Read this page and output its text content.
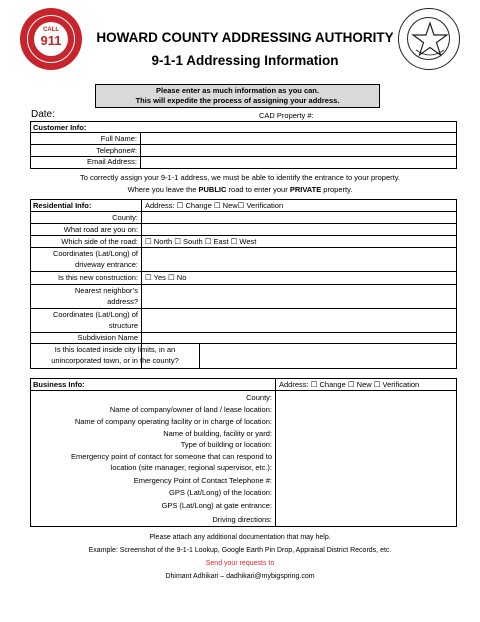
CALL
911	HOWARD COUNTY ADDRESSING AUTHORITY
9-1-1 Addressing Information
Please enter as much information as you can.
This will expedite the process of assigning your address.
Date:	CAD Property #:
Customer Info:
Full Name:
Telephone#:
Email Address:
To correctly assign your 9-1-1 address, we must be able to identify the entrance to your property.
Where you leave the PUBLIC road to enter your PRIVATE property.
Residential Info:	Address: ☐ Change ☐ New☐ Verification
County:
What road are you on:
Which side of the road: ☐ North ☐ South ☐ East ☐ West
Coordinates (Lat/Long) of
driveway entrance:
Is this new construction: ☐ Yes ☐ No
Nearest neighbor’s
address?
Coordinates (Lat/Long) of
structure
Subdivision Name
Is this located inside city limits, in an
unincorporated town, or in the county?
Business Info:	Address: ☐ Change ☐ New ☐ Verification
County:
Name of company/owner of land / lease location:
Name of company operating facility or in charge of location:
Name of building, facility or yard:
Type of building or location:
Emergency point of contact for someone that can respond to
location (site manager, regional supervisor, etc.):
Emergency Point of Contact Telephone #:
GPS (Lat/Long) of the location:
GPS (Lat/Long) at gate entrance:
Driving directions:
Please attach any additional documentation that may help.
Example: Screenshot of the 9-1-1 Lookup, Google Earth Pin Drop, Appraisal District Records, etc.
Send your requests to
Dhimant Adhikari – dadhikari@mybigspring.com
